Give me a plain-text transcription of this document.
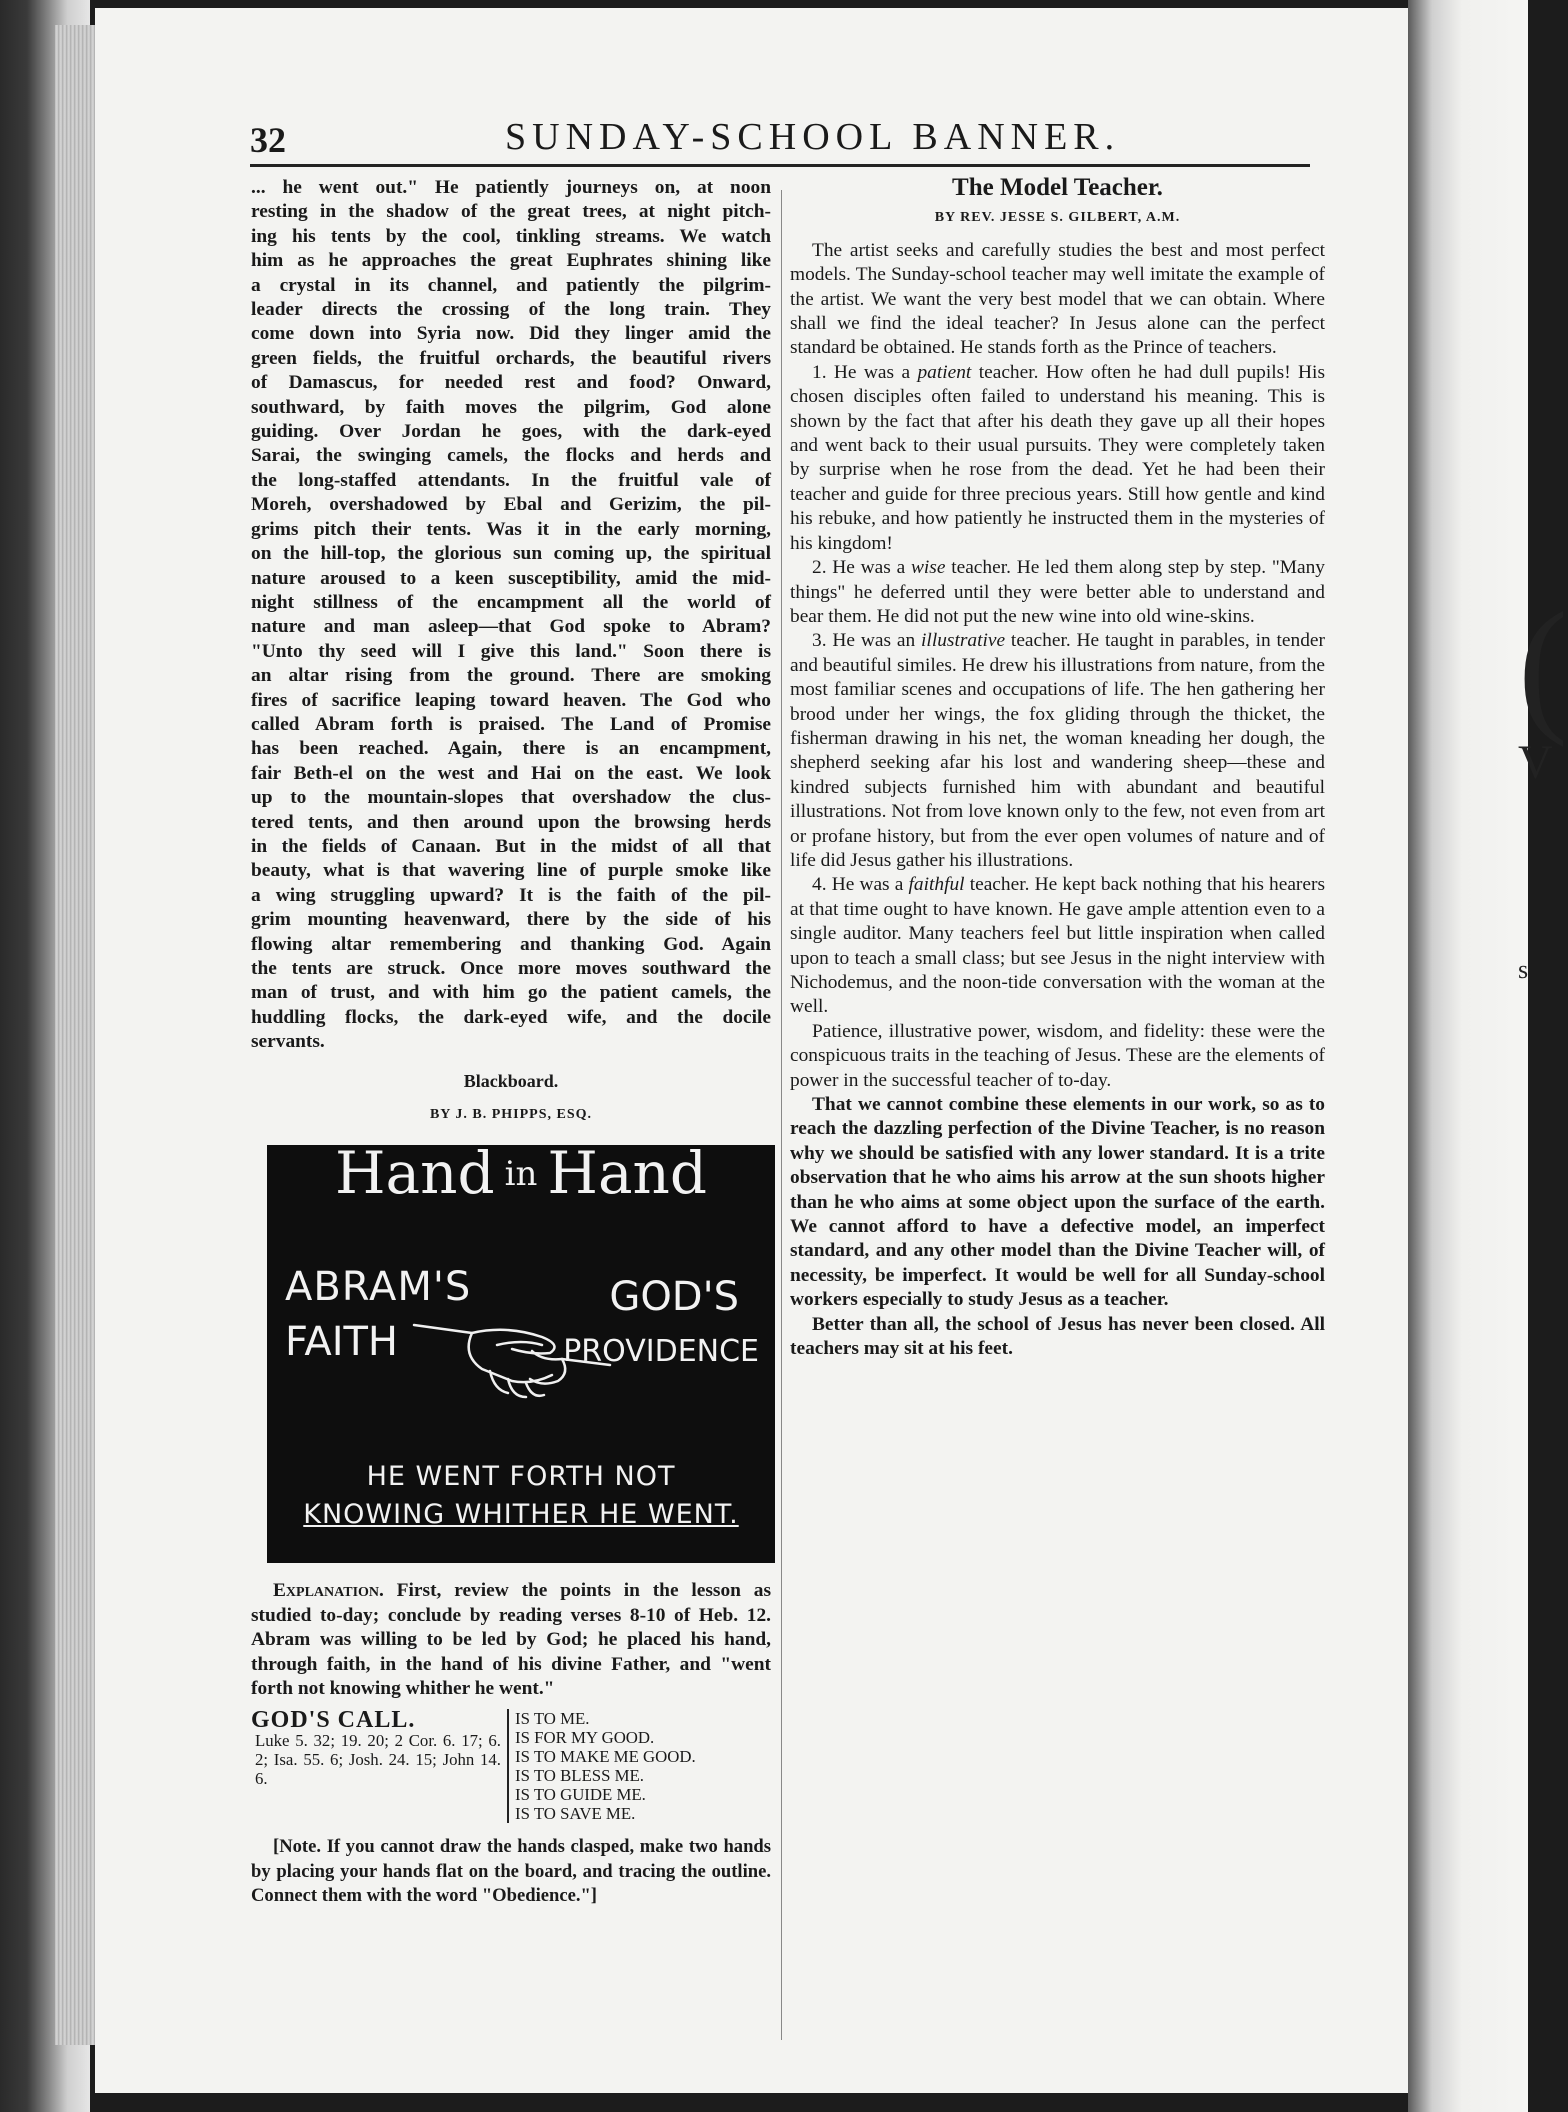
(
V
s
32	SUNDAY-SCHOOL BANNER.
... he went out." He patiently journeys on, at noon
resting in the shadow of the great trees, at night pitch-
ing his tents by the cool, tinkling streams. We watch
him as he approaches the great Euphrates shining like
a crystal in its channel, and patiently the pilgrim-
leader directs the crossing of the long train. They
come down into Syria now. Did they linger amid the
green fields, the fruitful orchards, the beautiful rivers
of Damascus, for needed rest and food? Onward,
southward, by faith moves the pilgrim, God alone
guiding. Over Jordan he goes, with the dark-eyed
Sarai, the swinging camels, the flocks and herds and
the long-staffed attendants. In the fruitful vale of
Moreh, overshadowed by Ebal and Gerizim, the pil-
grims pitch their tents. Was it in the early morning,
on the hill-top, the glorious sun coming up, the spiritual
nature aroused to a keen susceptibility, amid the mid-
night stillness of the encampment all the world of
nature and man asleep—that God spoke to Abram?
"Unto thy seed will I give this land." Soon there is
an altar rising from the ground. There are smoking
fires of sacrifice leaping toward heaven. The God who
called Abram forth is praised. The Land of Promise
has been reached. Again, there is an encampment,
fair Beth-el on the west and Hai on the east. We look
up to the mountain-slopes that overshadow the clus-
tered tents, and then around upon the browsing herds
in the fields of Canaan. But in the midst of all that
beauty, what is that wavering line of purple smoke like
a wing struggling upward? It is the faith of the pil-
grim mounting heavenward, there by the side of his
flowing altar remembering and thanking God. Again
the tents are struck. Once more moves southward the
man of trust, and with him go the patient camels, the
huddling flocks, the dark-eyed wife, and the docile
servants.
Blackboard.
BY J. B. PHIPPS, ESQ.
Hand in Hand
ABRAM'S
FAITH
GOD'S
PROVIDENCE
HE WENT FORTH NOT
KNOWING WHITHER HE WENT.

Explanation. First, review the points in the lesson as studied to-day; conclude by reading verses 8-10 of Heb. 12. Abram was willing to be led by God; he placed his hand, through faith, in the hand of his divine Father, and "went forth not knowing whither he went."

GOD'S CALL.
Luke 5. 32; 19. 20; 2 Cor. 6. 17; 6. 2; Isa. 55. 6; Josh. 24. 15; John 14. 6.
IS TO ME.
IS FOR MY GOOD.
IS TO MAKE ME GOOD.
IS TO BLESS ME.
IS TO GUIDE ME.
IS TO SAVE ME.

[Note. If you cannot draw the hands clasped, make two hands by placing your hands flat on the board, and tracing the outline. Connect them with the word "Obedience."]

The Model Teacher.
BY REV. JESSE S. GILBERT, A.M.

The artist seeks and carefully studies the best and most perfect models. The Sunday-school teacher may well imitate the example of the artist. We want the very best model that we can obtain. Where shall we find the ideal teacher? In Jesus alone can the perfect standard be obtained. He stands forth as the Prince of teachers.

1. He was a patient teacher. How often he had dull pupils! His chosen disciples often failed to understand his meaning. This is shown by the fact that after his death they gave up all their hopes and went back to their usual pursuits. They were completely taken by surprise when he rose from the dead. Yet he had been their teacher and guide for three precious years. Still how gentle and kind his rebuke, and how patiently he instructed them in the mysteries of his kingdom!

2. He was a wise teacher. He led them along step by step. "Many things" he deferred until they were better able to understand and bear them. He did not put the new wine into old wine-skins.

3. He was an illustrative teacher. He taught in parables, in tender and beautiful similes. He drew his illustrations from nature, from the most familiar scenes and occupations of life. The hen gathering her brood under her wings, the fox gliding through the thicket, the fisherman drawing in his net, the woman kneading her dough, the shepherd seeking afar his lost and wandering sheep—these and kindred subjects furnished him with abundant and beautiful illustrations. Not from love known only to the few, not even from art or profane history, but from the ever open volumes of nature and of life did Jesus gather his illustrations.

4. He was a faithful teacher. He kept back nothing that his hearers at that time ought to have known. He gave ample attention even to a single auditor. Many teachers feel but little inspiration when called upon to teach a small class; but see Jesus in the night interview with Nichodemus, and the noon-tide conversation with the woman at the well.

Patience, illustrative power, wisdom, and fidelity: these were the conspicuous traits in the teaching of Jesus. These are the elements of power in the successful teacher of to-day.

That we cannot combine these elements in our work, so as to reach the dazzling perfection of the Divine Teacher, is no reason why we should be satisfied with any lower standard. It is a trite observation that he who aims his arrow at the sun shoots higher than he who aims at some object upon the surface of the earth. We cannot afford to have a defective model, an imperfect standard, and any other model than the Divine Teacher will, of necessity, be imperfect. It would be well for all Sunday-school workers especially to study Jesus as a teacher.

Better than all, the school of Jesus has never been closed. All teachers may sit at his feet.
